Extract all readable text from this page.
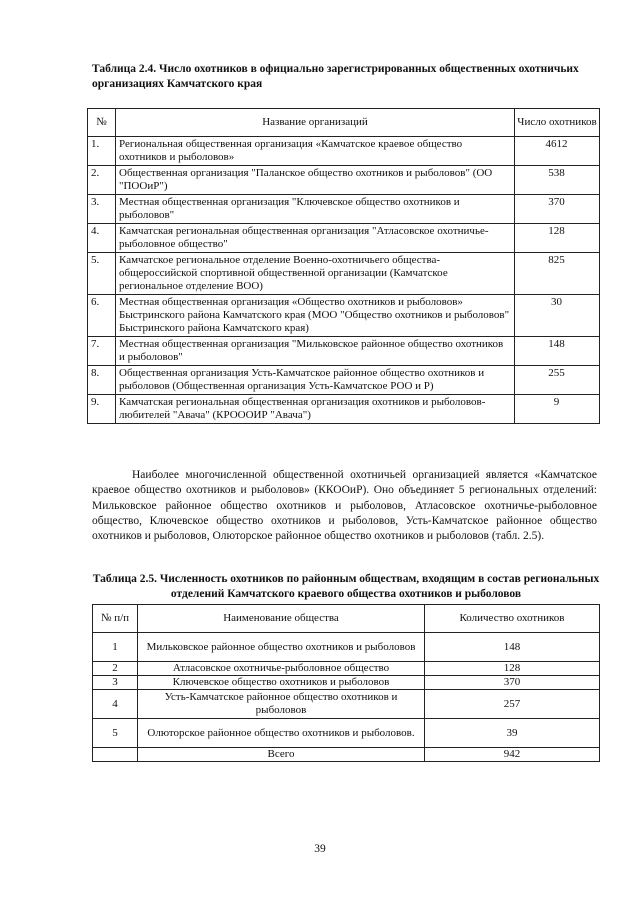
Таблица 2.4. Число охотников в официально зарегистрированных общественных охотничьих организациях Камчатского края
№	Название организаций	Число охотников
1.	Региональная общественная организация «Камчатское краевое общество охотников и рыболовов»	4612
2.	Общественная организация "Паланское общество охотников и рыболовов" (ОО "ПООиР")	538
3.	Местная общественная организация "Ключевское общество охотников и рыболовов"	370
4.	Камчатская региональная общественная организация "Атласовское охотничье-рыболовное общество"	128
5.	Камчатское региональное отделение Военно-охотничьего общества-общероссийской спортивной общественной организации (Камчатское региональное отделение ВОО)	825
6.	Местная общественная организация «Общество охотников и рыболовов» Быстринского района Камчатского края (МОО "Общество охотников и рыболовов" Быстринского района Камчатского края)	30
7.	Местная общественная организация "Мильковское районное общество охотников и рыболовов"	148
8.	Общественная организация Усть-Камчатское районное общество охотников и рыболовов (Общественная организация Усть-Камчатское РОО и Р)	255
9.	Камчатская региональная общественная организация охотников и рыболовов-любителей "Авача" (КРОООИР "Авача")	9
Наиболее многочисленной общественной охотничьей организацией является «Камчатское краевое общество охотников и рыболовов» (ККООиР). Оно объединяет 5 региональных отделений: Мильковское районное общество охотников и рыболовов, Атласовское охотничье-рыболовное общество, Ключевское общество охотников и рыболовов, Усть-Камчатское районное общество охотников и рыболовов, Олюторское районное общество охотников и рыболовов (табл. 2.5).
Таблица 2.5. Численность охотников по районным обществам, входящим в состав региональных отделений Камчатского краевого общества охотников и рыболовов
№ п/п	Наименование общества	Количество охотников
1	Мильковское районное общество охотников и рыболовов	148
2	Атласовское охотничье-рыболовное общество	128
3	Ключевское общество охотников и рыболовов	370
4	Усть-Камчатское районное общество охотников и рыболовов	257
5	Олюторское районное общество охотников и рыболовов.	39
	Всего	942
39
